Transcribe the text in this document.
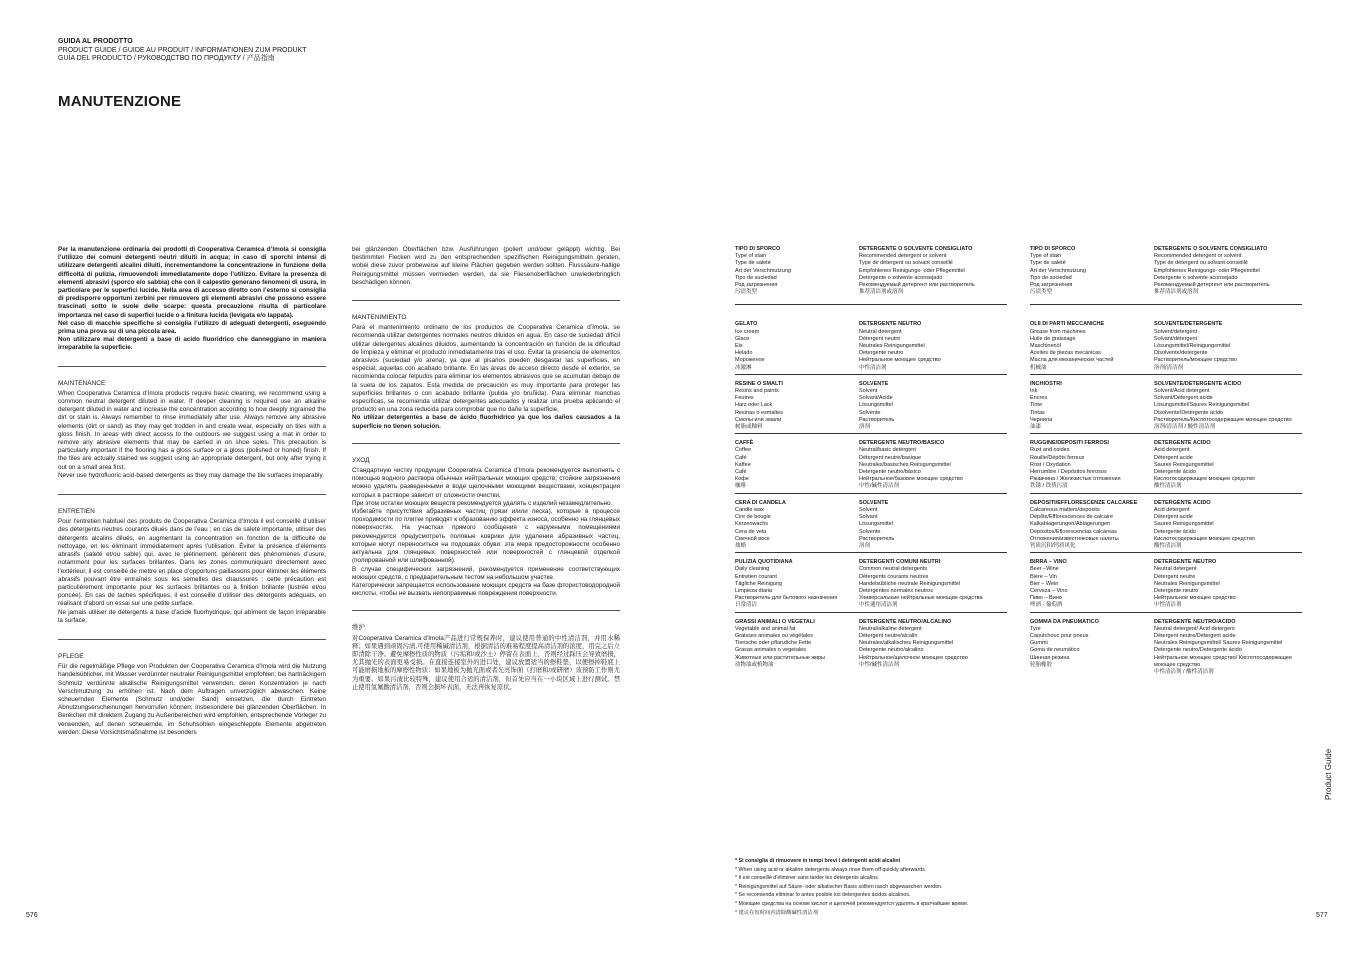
GUIDA AL PRODOTTO
PRODUCT GUIDE / GUIDE AU PRODUIT / INFORMATIONEN ZUM PRODUKT
GUÍA DEL PRODUCTO / РУКОВОДСТВО ПО ПРОДУКТУ / 产品指南
MANUTENZIONE

Per la manutenzione ordinaria dei prodotti di Cooperativa Ceramica d’Imola si consiglia l’utilizzo dei comuni detergenti neutri diluiti in acqua; in caso di sporchi intensi di utilizzare detergenti alcalini diluiti, incrementandone la concentrazione in funzione della difficoltà di pulizia, rimuovendoli immediatamente dopo l’utilizzo. Evitare la presenza di elementi abrasivi (sporco e/o sabbia) che con il calpestio generano fenomeni di usura, in particolare per le superfici lucide. Nella area di accesso diretto con l’esterno si consiglia di predisporre opportuni zerbini per rimuovere gli elementi abrasivi che possono essere trascinati sotto le suole delle scarpe: questa precauzione risulta di particolare importanza nel caso di superfici lucide o a finitura lucida (levigata e/o lappata).

Nel caso di macchie specifiche si consiglia l’utilizzo di adeguati detergenti, eseguendo prima una prova su di una piccola area.

Non utilizzare mai detergenti a base di acido fluoridrico che danneggiano in maniera irreparabile la superficie.

MAINTENANCE

When Cooperativa Ceramica d’Imola products require basic cleaning, we recommend using a common neutral detergent diluted in water. If deeper cleaning is required use an alkaline detergent diluted in water and increase the concentration according to how deeply ingrained the dirt or stain is. Always remember to rinse immediately after use. Always remove any abrasive elements (dirt or sand) as they may get trodden in and create wear, especially on tiles with a gloss finish. In areas with direct access to the outdoors we suggest using a mat in order to remove any abrasive elements that may be carried in on shoe soles. This precaution is particularly important if the flooring has a gloss surface or a gloss (polished or honed) finish. If the tiles are actually stained we suggest using an appropriate detergent, but only after trying it out on a small area first.

Never use hydrofluoric acid-based detergents as they may damage the tile surfaces irreparably.

ENTRETIEN

Pour l’entretien habituel des produits de Cooperativa Ceramica d’Imola il est conseillé d’utiliser des détergents neutres courants dilués dans de l’eau ; en cas de saleté importante, utiliser des détergents alcalins dilués, en augmentant la concentration en fonction de la difficulté de nettoyage, en les éliminant immédiatement après l’utilisation. Éviter la présence d’éléments abrasifs (saleté et/ou sable) qui, avec le piétinement, génèrent des phénomènes d’usure, notamment pour les surfaces brillantes. Dans les zones communiquant directement avec l’extérieur, il est conseillé de mettre en place d’opportuns paillassons pour éliminer les éléments abrasifs pouvant être entraînés sous les semelles des chaussures : cette précaution est particulièrement importante pour les surfaces brillantes ou à finition brillante (lustrée et/ou poncée). En cas de taches spécifiques, il est conseillé d’utiliser des détergents adéquats, en réalisant d’abord un essai sur une petite surface.

Ne jamais utiliser de détergents à base d’acide fluorhydrique, qui abîment de façon irréparable la surface.

PFLEGE

Für die regelmäßige Pflege von Produkten der Cooperativa Ceramica d’Imola wird die Nutzung handelsüblicher, mit Wasser verdünnter neutraler Reinigungsmittel empfohlen; bei hartnäckigem Schmutz verdünnte alkalische Reinigungsmittel verwenden, deren Konzentration je nach Verschmutzung zu erhöhen ist. Nach dem Auftragen unverzüglich abwaschen. Keine scheuernden Elemente (Schmutz und/oder Sand) einsetzen, die durch Eintreten Abnutzungserscheinungen hervorrufen können, insbesondere bei glänzenden Oberflächen. In Bereichen mit direktem Zugang zu Außenbereichen wird empfohlen, entsprechende Vorleger zu verwenden, auf denen scheuernde, im Schuhsohlen eingeschleppte Elemente abgetreten werden: Diese Vorsichtsmaßnahme ist besonders

bei glänzenden Oberflächen bzw. Ausführungen (poliert und/oder geläppt) wichtig. Bei bestimmten Flecken wird zu den entsprechenden spezifischen Reinigungsmitteln geraten, wobei diese zuvor probeweise auf kleine Flächen gegeben werden sollten. Flusssäure-haltige Reinigungsmittel müssen vermieden werden, da sie Fliesenoberflächen unwiederbringlich beschädigen können.

MANTENIMIENTO

Para el mantenimiento ordinario de los productos de Cooperativa Ceramica d’Imola, se recomienda utilizar detergentes normales neutros diluidos en agua. En caso de suciedad difícil utilizar detergentes alcalinos diluidos, aumentando la concentración en función de la dificultad de limpieza y eliminar el producto inmediatamente tras el uso. Evitar la presencia de elementos abrasivos (suciedad y/o arena), ya que al pisarlos pueden desgastar las superficies, en especial, aquellas con acabado brillante. En las áreas de acceso directo desde el exterior, se recomienda colocar felpudos para eliminar los elementos abrasivos que se acumulan debajo de la suela de los zapatos. Esta medida de precaución es muy importante para proteger las superficies brillantes o con acabado brillante (pulida y/o bruñida). Para eliminar manchas específicas, se recomienda utilizar detergentes adecuados y realizar una prueba aplicando el producto en una zona reducida para comprobar que no dañe la superficie.

No utilizar detergentes a base de ácido fluorhídrico ya que los daños causados a la superficie no tienen solución.

УХОД

Стандартную чистку продукции Cooperativa Ceramica d’Imola рекомендуется выполнять с помощью водного раствора обычных нейтральных моющих средств; стойкие загрязнения можно удалять разведенными в воде щелочными моющими веществами, концентрация которых в растворе зависит от сложности очистки.

При этом остатки моющих веществ рекомендуется удалять с изделий незамедлительно.

Избегайте присутствия абразивных частиц (грязи и/или песка), которые в процессе проходимости по плитке приводят к образованию эффекта износа, особенно на глянцевых поверхностях. На участках прямого сообщения с наружными помещениями рекомендуется предусмотреть половые коврики для удаления абразивных частиц, которые могут переноситься на подошвах обуви: эта мера предосторожности особенно актуальна для глянцевых поверхностей или поверхностей с глянцевой отделкой (полированной или шлифованной).

В случае специфических загрязнений, рекомендуется применение соответствующих моющих средств, с предварительным тестом на небольшом участке.

Категорически запрещается использование моющих средств на базе фтористоводородной кислоты, чтобы не вызвать непоправимые повреждения поверхности.

维护

对Cooperativa Ceramica d’Imola产品进行常规保养时，建议使用普通的中性清洁剂，并用水稀释；如果遇到顽固污渍,可使用稀碱清洁剂，根据清洁的难易程度提高清洁剂的浓度，用完之后立即清除干净。避免摩擦性质的物质（污垢和/或沙土）停留在表面上，否则经过踩压会导致磨损，尤其抛光的表面更易受损。在直接连接室外的进口处，建议放置适当的擦鞋垫，以便擦掉鞋底上可能磨损地板的摩擦性物质：如果地板为抛光面或者光亮饰面（打磨和/或研磨）该预防工作则尤为重要。如果污渍比较特殊，建议使用合适的清洁剂，但首先应当在一小块区域上进行测试。禁止使用氢氟酸清洁剂，否则会损坏表面，无法再恢复原状。

TIPO DI SPORCO
Type of stain
Type de saleté
Art der Verschmutzung
Tipo de suciedad
Род загрязнения
污渍类型
DETERGENTE O SOLVENTE CONSIGLIATO
Recommended detergent or solvent
Type de détergent ou solvant conseillé
Empfohlenes Reinigungs- oder Pflegemittel
Detergente o solvente aconsejado
Рекомендуемый детергент или растворитель
推荐清洁剂或溶剂
GELATO
Ice cream
Glace
Eis
Helado
Мороженое
冰激淋
DETERGENTE NEUTRO
Neutral detergent
Détergent neutre
Neutrales Reinigungsmittel
Detergente neutro
Нейтральное моющее средство
中性清洁剂
RESINE O SMALTI
Resins and paints
Feutres
Harz oder Lack
Resinas o esmaltes
Смолы или эмали
树脂或釉料
SOLVENTE
Solvent
Solvant/Acide
Lösungsmittel
Solvente
Растворитель
溶剂
CAFFÈ
Coffee
Café
Kaffee
Café
Кофе
咖啡
DETERGENTE NEUTRO/BASICO
Neutral/basic detergent
Détergent neutre/basique
Neutrales/basisches Reinigungsmittel
Detergente neutro/básico
Нейтральное/базовое моющее средство
中性/碱性清洁剂
CERA DI CANDELA
Candle wax
Cire de bougie
Kerzenwachs
Cera de vela
Свечной воск
烛蜡
SOLVENTE
Solvent
Solvant
Lösungsmittel
Solvente
Растворитель
溶剂
PULIZIA QUOTIDIANA
Daily cleaning
Entretien courant
Tägliche Reinigung
Limpieza diaria
Растворитель для бытового назначения
日常清洁
DETERGENTI COMUNI NEUTRI
Common neutral detergents
Détergents courants neutres
Handelsübliche neutrale Reinigungsmittel
Detergentes normales neutros
Универсальные нейтральные моющие средства
中性通用清洁剂
GRASSI ANIMALI O VEGETALI
Vegetable and animal fat
Graisses animales ou végétales
Tierische oder pflanzliche Fette
Grasas animales o vegetales
Животные или растительные жиры
动物油或植物油
DETERGENTE NEUTRO/ALCALINO
Neutral/alkaline detergent
Détergent neutre/alcalin
Neutrales/alkalisches Reinigungsmittel
Detergente neutro/alcalino
Нейтральное/щелочное моющее средство
中性/碱性清洁剂
TIPO DI SPORCO
Type of stain
Type de saleté
Art der Verschmutzung
Tipo de suciedad
Род загрязнения
污渍类型
DETERGENTE O SOLVENTE CONSIGLIATO
Recommended detergent or solvent
Type de détergent ou solvant conseillé
Empfohlenes Reinigungs- oder Pflegemittel
Detergente o solvente aconsejado
Рекомендуемый детергент или растворитель
推荐清洁剂或溶剂
OLII DI PARTI MECCANICHE
Grease from machines
Huile de graissage
Maschinenöl
Aceites de piezas mecánicas
Масла для механических частей
机械油
SOLVENTE/DETERGENTE
Solvent/detergent
Solvant/détergent
Lösungsmittel/Reinigungsmittel
Disolvente/detergente
Растворитель/моющее средство
溶剂/清洁剂
INCHIOSTRI
Ink
Encres
Tinte
Tintas
Чернила
油漆
SOLVENTE/DETERGENTE ACIDO
Solvent/Acid detergent
Solvant/Détergent acide
Lösungsmittel/Saures Reinigungsmittel
Disolvente/Detergente ácido
Растворитель/Кислотосодержащее моющее средство
溶剂/清洁剂 / 酸性清洁剂
RUGGINE/DEPOSITI FERROSI
Rust and oxides
Rouille/Dépôts ferreux
Rost / Oxydation
Herrumbre / Depósitos ferrosos
Ржавчина / Железистые отложения
铁锈 / 铁质污渍
DETERGENTE ACIDO
Acid detergent
Détergent acide
Saures Reinigungsmittel
Detergente ácido
Кислотосодержащее моющее средство
酸性清洁剂
DEPOSITI/EFFLORESCENZE CALCAREE
Calcareous matters/deposits
Dépôts/Efflorescences de calcaire
Kalkablagerungen/Ablagerungen
Depósitos/Eflorescencias calcáreas
Отложения/известняковые налеты
钙质沉积/钙质风化
DETERGENTE ACIDO
Acid detergent
Détergent acide
Saures Reinigungsmittel
Detergente ácido
Кислотосодержащее моющее средство
酸性清洁剂
BIRRA – VINO
Beer –Wine
Bière – Vin
Bier – Wein
Cerveza – Vino
Пиво – Вино
啤酒 - 葡萄酒
DETERGENTE NEUTRO
Neutral detergent
Détergent neutre
Neutrales Reinigungsmittel
Detergente neutro
Нейтральное моющее средство
中性清洁剂
GOMMA DA PNEUMATICO
Tyre
Caoutchouc pour pneus
Gummi
Goma de neumático
Шинная резина
轮胎橡胶
DETERGENTE NEUTRO/ACIDO
Neutral detergent/ Acid detergent
Détergent neutre/Détergent acide
Neutrales Reinigungsmittel/ Saures Reinigungsmittel
Detergente neutro/Detergente ácido
Нейтральное моющее средство/ Кислотосодержащее моющее средство
中性清洁剂 / 酸性清洁剂
* Si consiglia di rimuovere in tempi brevi i detergenti acidi alcalini
* When using acid or alkaline detergents always rinse them off quickly afterwards.
* Il est conseillé d’éliminer sans tarder les détergents alcalins.
* Reinigungsmittel auf Säure- oder alkalischer Basis sollten rasch abgewaschen werden.
* Se recomienda eliminar lo antes posible los detergentes ácidos alcalinos.
* Моющие средства на основе кислот и щелочей рекомендуется удалять в кратчайшие время.
* 建议在短时间内清除酸碱性清洁剂
576	577
Product Guide
